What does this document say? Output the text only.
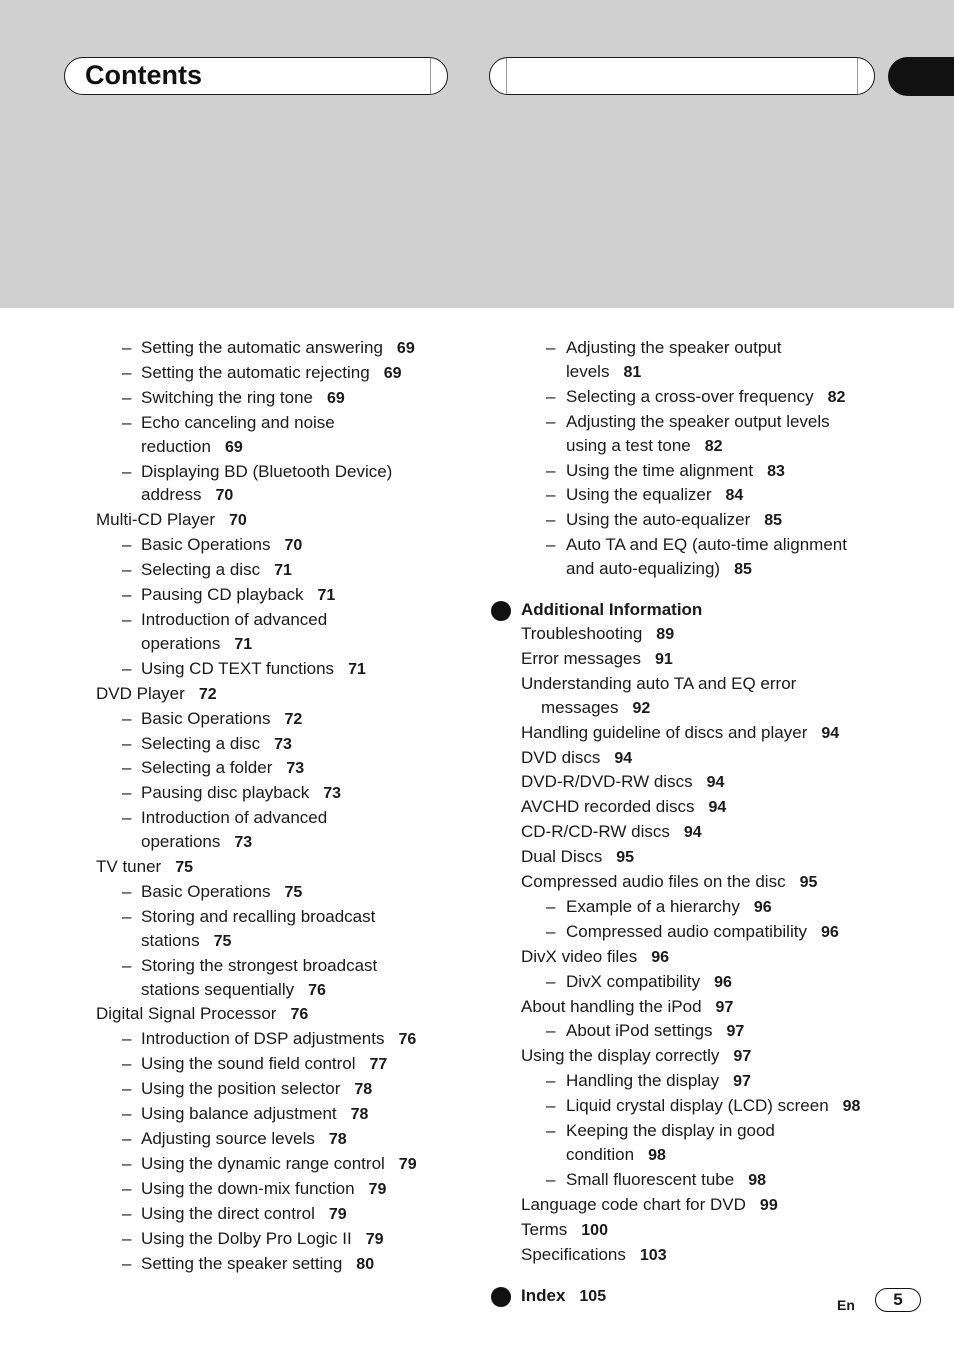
Contents
– Setting the automatic answering 69
– Setting the automatic rejecting 69
– Switching the ring tone 69
– Echo canceling and noise
reduction 69
– Displaying BD (Bluetooth Device)
address 70
Multi-CD Player 70
– Basic Operations 70
– Selecting a disc 71
– Pausing CD playback 71
– Introduction of advanced
operations 71
– Using CD TEXT functions 71
DVD Player 72
– Basic Operations 72
– Selecting a disc 73
– Selecting a folder 73
– Pausing disc playback 73
– Introduction of advanced
operations 73
TV tuner 75
– Basic Operations 75
– Storing and recalling broadcast
stations 75
– Storing the strongest broadcast
stations sequentially 76
Digital Signal Processor 76
– Introduction of DSP adjustments 76
– Using the sound field control 77
– Using the position selector 78
– Using balance adjustment 78
– Adjusting source levels 78
– Using the dynamic range control 79
– Using the down-mix function 79
– Using the direct control 79
– Using the Dolby Pro Logic II 79
– Setting the speaker setting 80
– Adjusting the speaker output
levels 81
– Selecting a cross-over frequency 82
– Adjusting the speaker output levels
using a test tone 82
– Using the time alignment 83
– Using the equalizer 84
– Using the auto-equalizer 85
– Auto TA and EQ (auto-time alignment
and auto-equalizing) 85
Additional Information
Troubleshooting 89
Error messages 91
Understanding auto TA and EQ error
messages 92
Handling guideline of discs and player 94
DVD discs 94
DVD-R/DVD-RW discs 94
AVCHD recorded discs 94
CD-R/CD-RW discs 94
Dual Discs 95
Compressed audio files on the disc 95
– Example of a hierarchy 96
– Compressed audio compatibility 96
DivX video files 96
– DivX compatibility 96
About handling the iPod 97
– About iPod settings 97
Using the display correctly 97
– Handling the display 97
– Liquid crystal display (LCD) screen 98
– Keeping the display in good
condition 98
– Small fluorescent tube 98
Language code chart for DVD 99
Terms 100
Specifications 103
Index 105
En	5
